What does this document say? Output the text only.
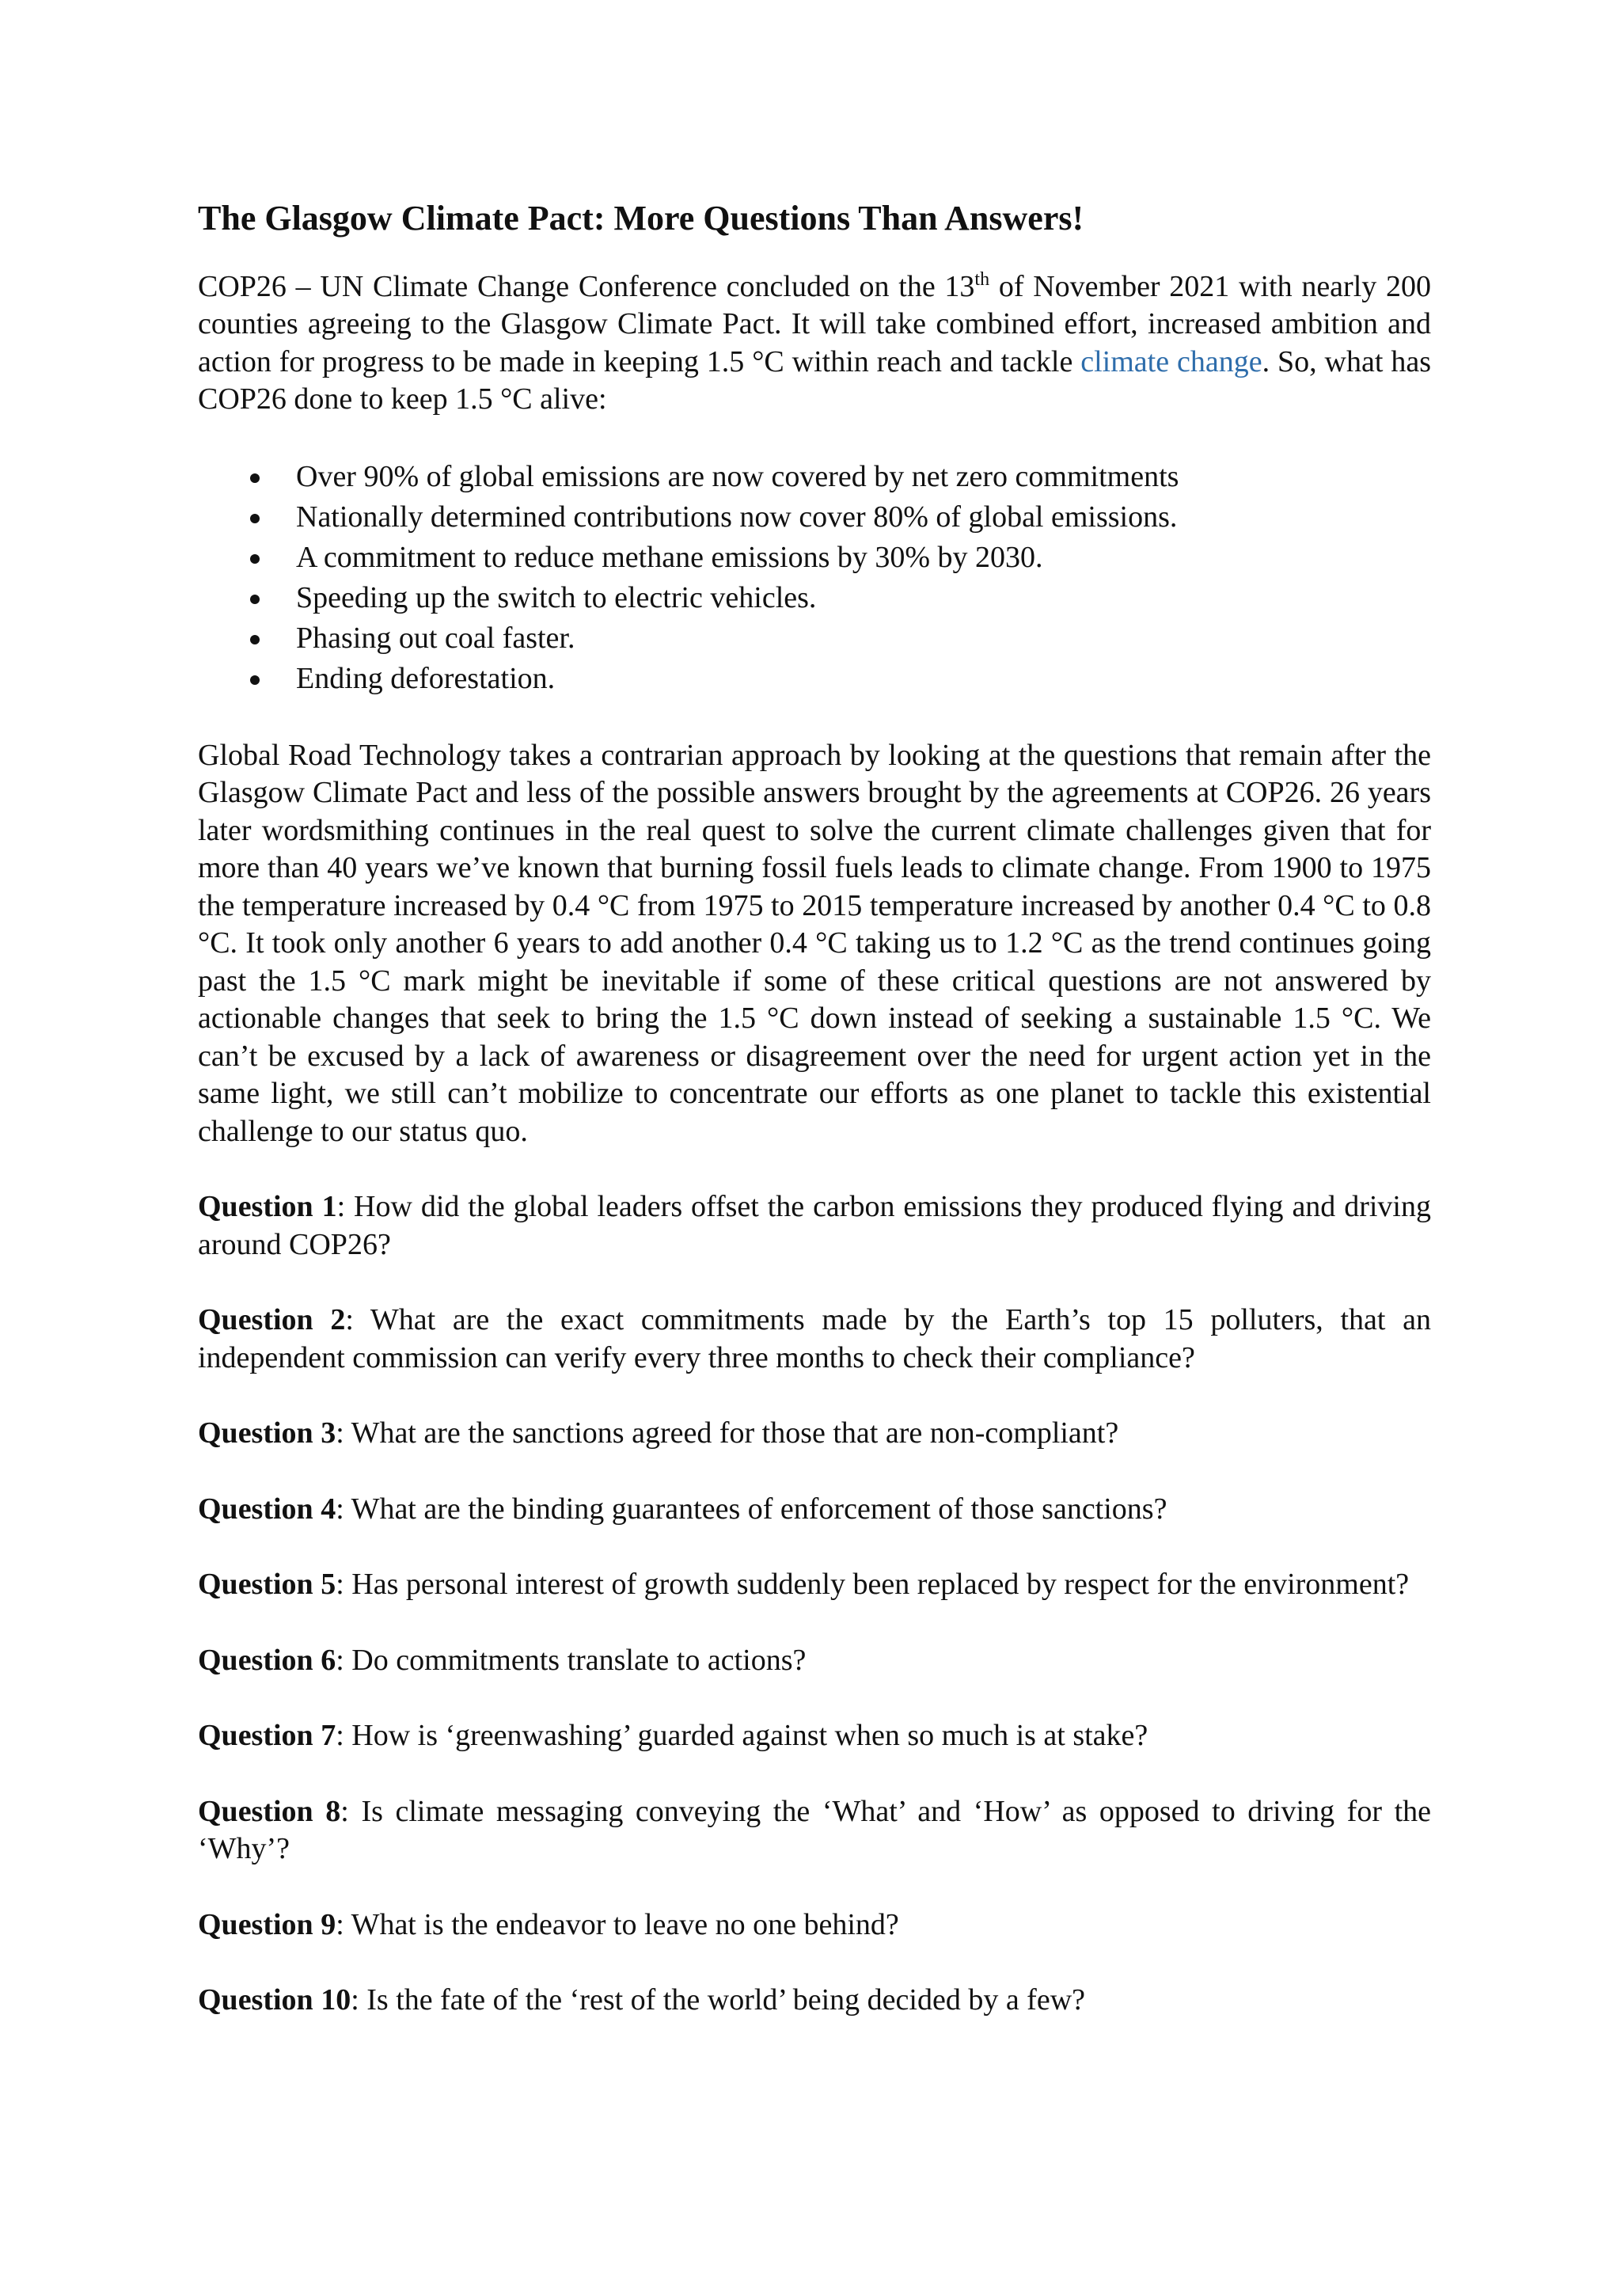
The Glasgow Climate Pact: More Questions Than Answers!

COP26 – UN Climate Change Conference concluded on the 13th of November 2021 with nearly 200 counties agreeing to the Glasgow Climate Pact. It will take combined effort, increased ambition and action for progress to be made in keeping 1.5 °C within reach and tackle climate change. So, what has COP26 done to keep 1.5 °C alive:

Over 90% of global emissions are now covered by net zero commitments
Nationally determined contributions now cover 80% of global emissions.
A commitment to reduce methane emissions by 30% by 2030.
Speeding up the switch to electric vehicles.
Phasing out coal faster.
Ending deforestation.

Global Road Technology takes a contrarian approach by looking at the questions that remain after the Glasgow Climate Pact and less of the possible answers brought by the agreements at COP26. 26 years later wordsmithing continues in the real quest to solve the current climate challenges given that for more than 40 years we’ve known that burning fossil fuels leads to climate change. From 1900 to 1975 the temperature increased by 0.4 °C from 1975 to 2015 temperature increased by another 0.4 °C to 0.8 °C. It took only another 6 years to add another 0.4 °C taking us to 1.2 °C as the trend continues going past the 1.5 °C mark might be inevitable if some of these critical questions are not answered by actionable changes that seek to bring the 1.5 °C down instead of seeking a sustainable 1.5 °C. We can’t be excused by a lack of awareness or disagreement over the need for urgent action yet in the same light, we still can’t mobilize to concentrate our efforts as one planet to tackle this existential challenge to our status quo.

Question 1: How did the global leaders offset the carbon emissions they produced flying and driving around COP26?

Question 2: What are the exact commitments made by the Earth’s top 15 polluters, that an independent commission can verify every three months to check their compliance?

Question 3: What are the sanctions agreed for those that are non-compliant?

Question 4: What are the binding guarantees of enforcement of those sanctions?

Question 5: Has personal interest of growth suddenly been replaced by respect for the environment?

Question 6: Do commitments translate to actions?

Question 7: How is ‘greenwashing’ guarded against when so much is at stake?

Question 8: Is climate messaging conveying the ‘What’ and ‘How’ as opposed to driving for the ‘Why’?

Question 9: What is the endeavor to leave no one behind?

Question 10: Is the fate of the ‘rest of the world’ being decided by a few?
